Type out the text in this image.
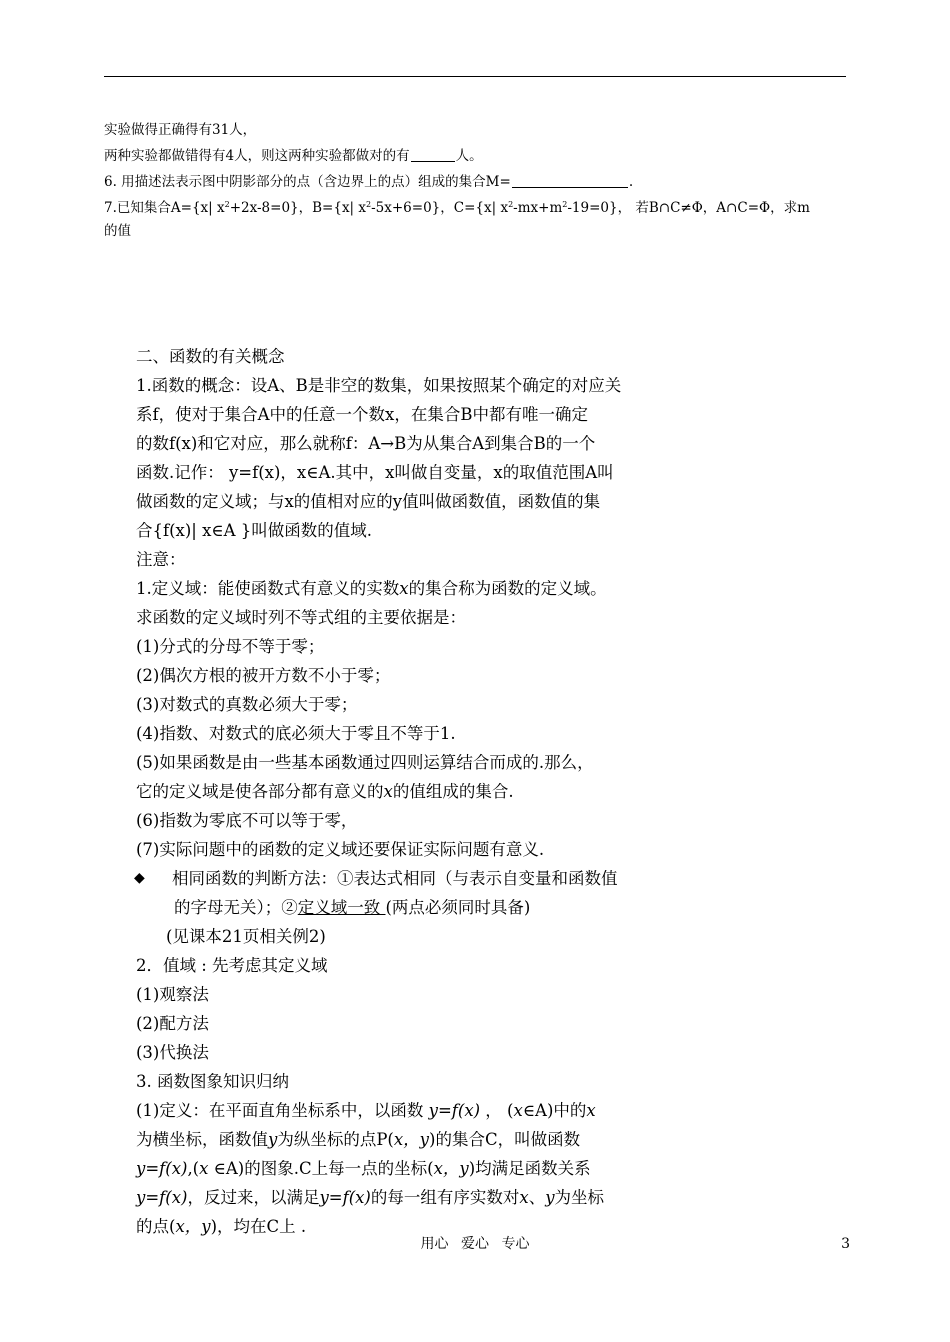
实验做得正确得有31人，
两种实验都做错得有4人，则这两种实验都做对的有	人。
6. 用描述法表示图中阴影部分的点（含边界上的点）组成的集合M=	.
7.已知集合A={x| $x^2+2x-8=0$}，B={x| $x^2-5x+6=0$}，C={x| $x^2-mx+m^2-19=0$}， 若B∩C≠Φ，A∩C=Φ，求m
的值
二、函数的有关概念
1.函数的概念：设A、B是非空的数集，如果按照某个确定的对应关
系f，使对于集合A中的任意一个数x，在集合B中都有唯一确定
的数f(x)和它对应，那么就称f：A→B为从集合A到集合B的一个
函数.记作： y=f(x)，x∈A.其中，x叫做自变量，x的取值范围A叫
做函数的定义域；与x的值相对应的y值叫做函数值，函数值的集
合{f(x)| x∈A }叫做函数的值域.
注意：
1.定义域：能使函数式有意义的实数x的集合称为函数的定义域。
求函数的定义域时列不等式组的主要依据是：
(1)分式的分母不等于零；
(2)偶次方根的被开方数不小于零；
(3)对数式的真数必须大于零；
(4)指数、对数式的底必须大于零且不等于1.
(5)如果函数是由一些基本函数通过四则运算结合而成的.那么，
它的定义域是使各部分都有意义的x的值组成的集合.
(6)指数为零底不可以等于零，
(7)实际问题中的函数的定义域还要保证实际问题有意义.
◆ 相同函数的判断方法：①表达式相同（与表示自变量和函数值
的字母无关）；②定义域一致 (两点必须同时具备)
(见课本21页相关例2)
2．值域 : 先考虑其定义域
(1)观察法
(2)配方法
(3)代换法
3. 函数图象知识归纳
(1)定义：在平面直角坐标系中，以函数 y=f(x) ， (x∈A)中的x
为横坐标，函数值y为纵坐标的点P(x，y)的集合C，叫做函数
y=f(x),(x ∈A)的图象.C上每一点的坐标(x，y)均满足函数关系
y=f(x)，反过来，以满足y=f(x)的每一组有序实数对x、y为坐标
的点(x，y)，均在C上 .
用心 爱心 专心	3
